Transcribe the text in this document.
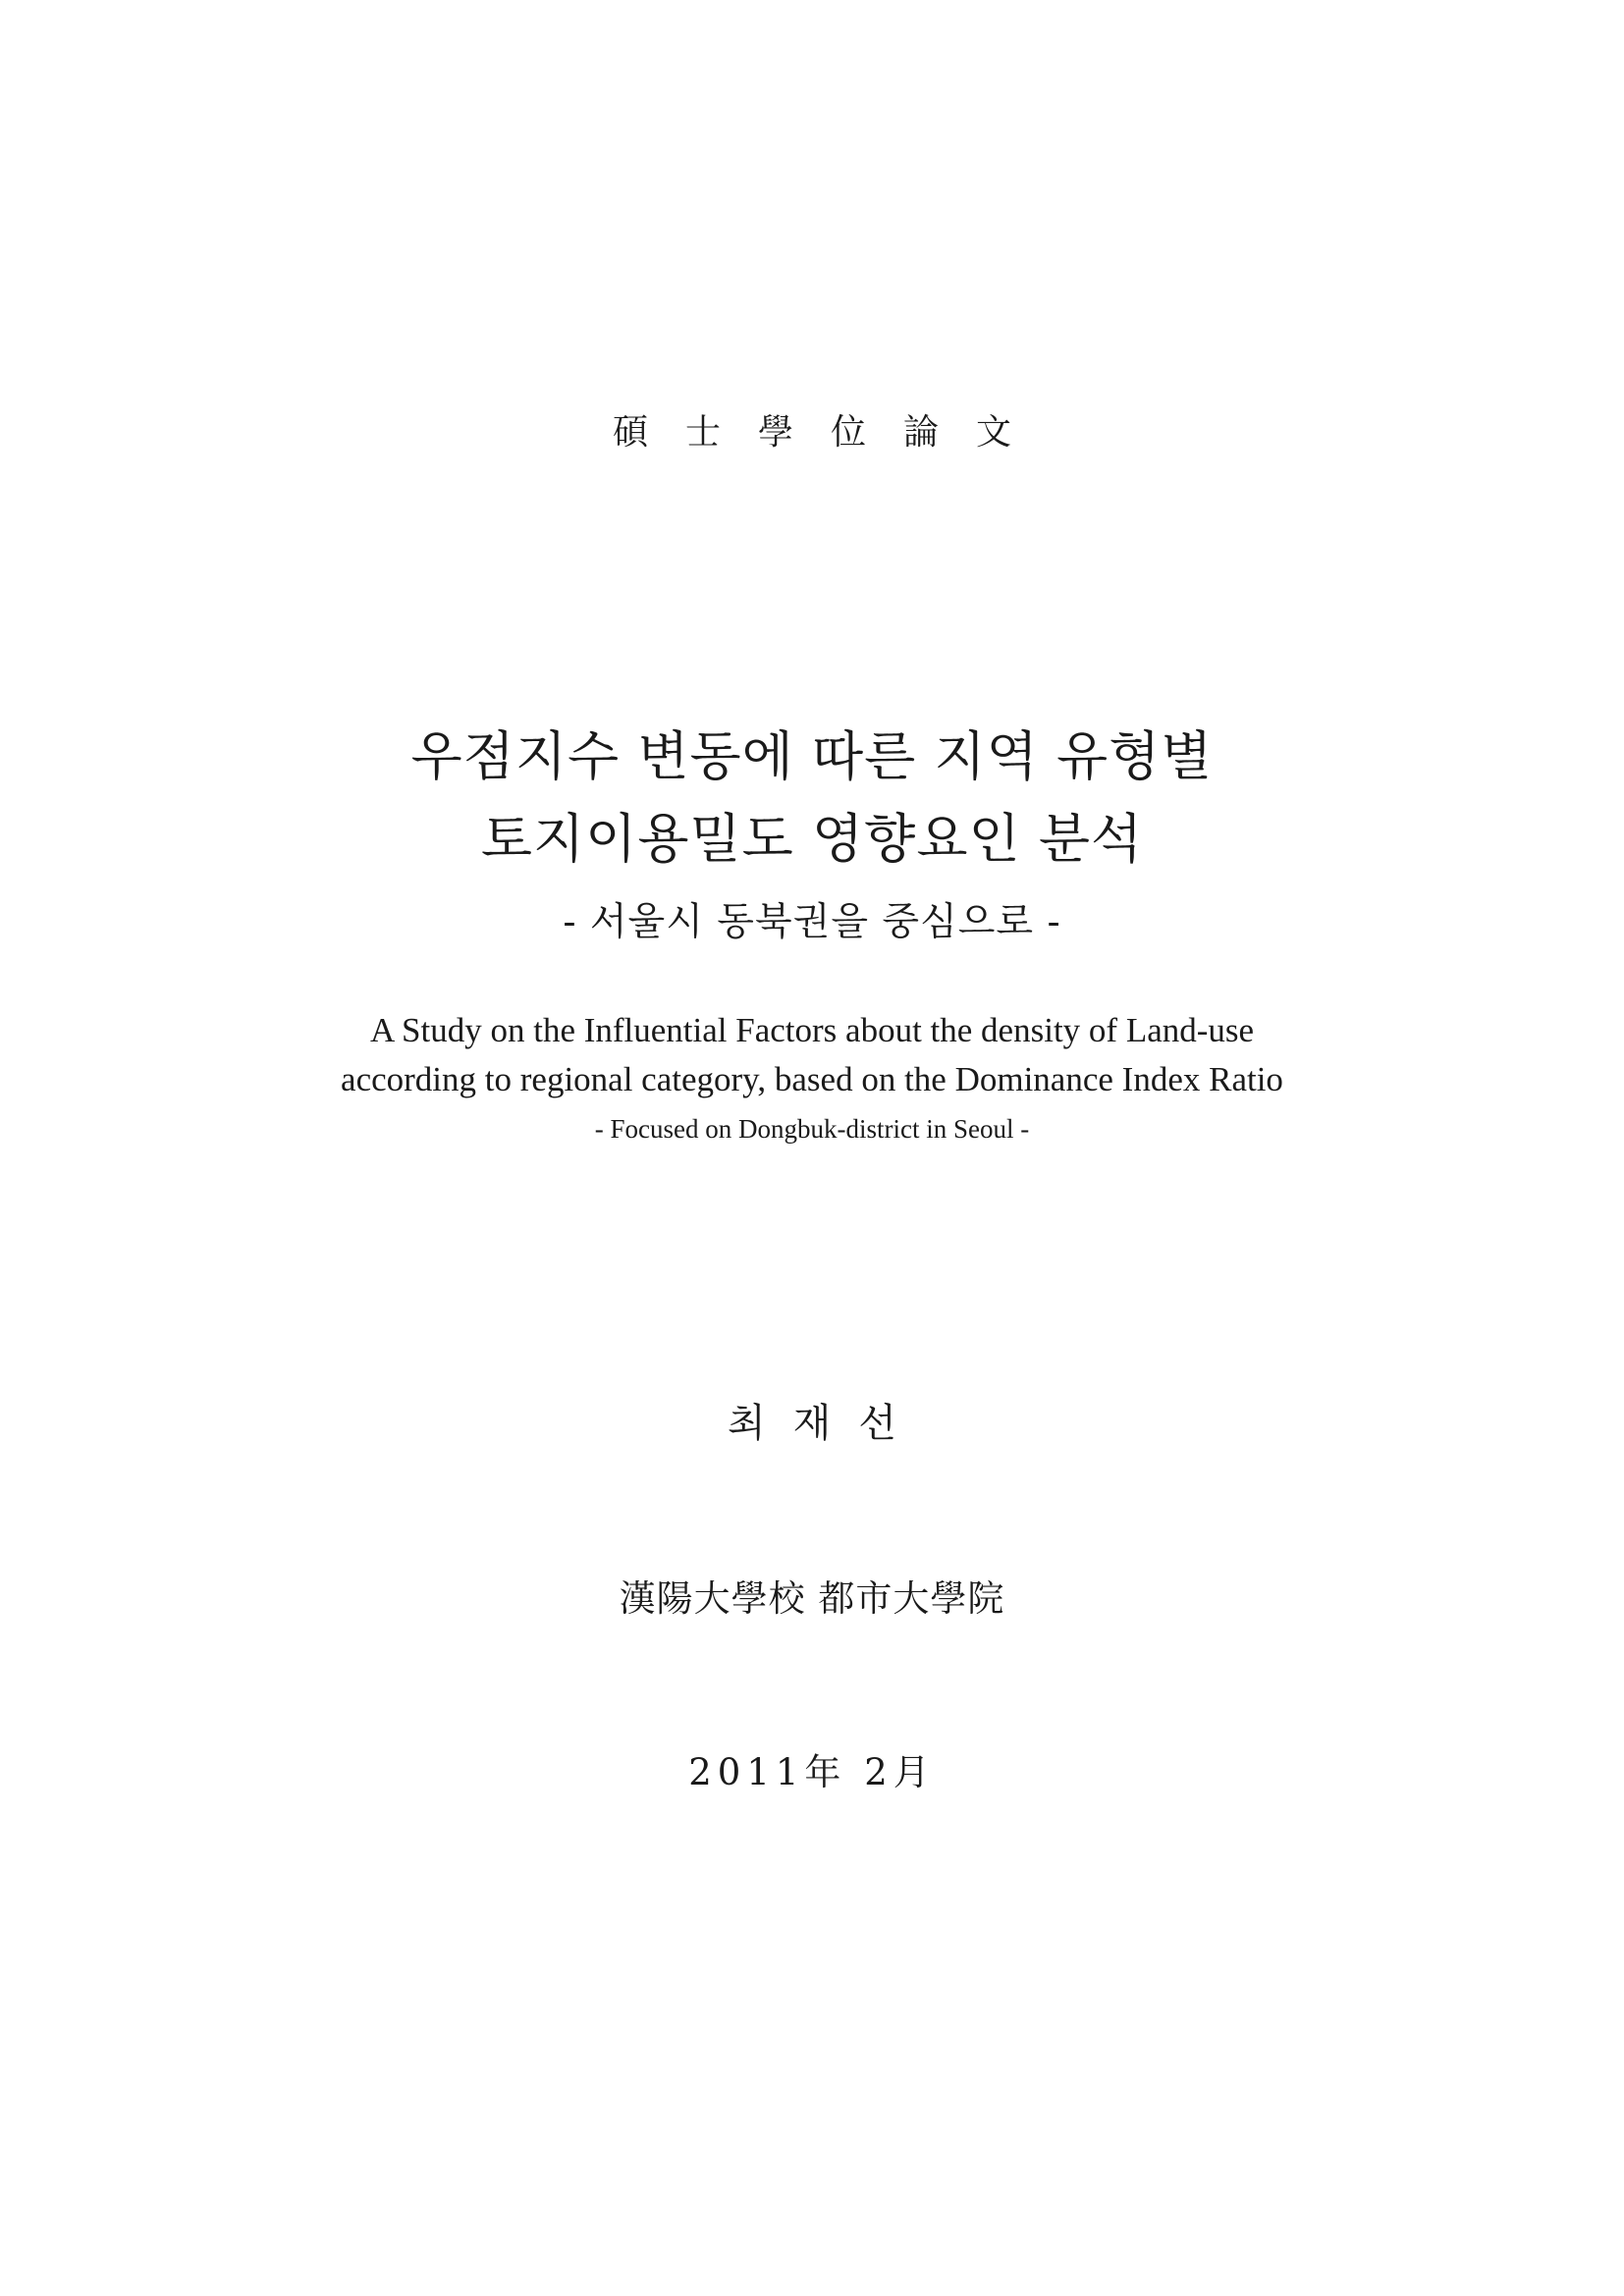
碩士學位論文
우점지수 변동에 따른 지역 유형별
토지이용밀도 영향요인 분석
- 서울시 동북권을 중심으로 -
A Study on the Influential Factors about the density of Land-use
according to regional category, based on the Dominance Index Ratio
- Focused on Dongbuk-district in Seoul -
최재선
漢陽大學校 都市大學院
2011年 2月
